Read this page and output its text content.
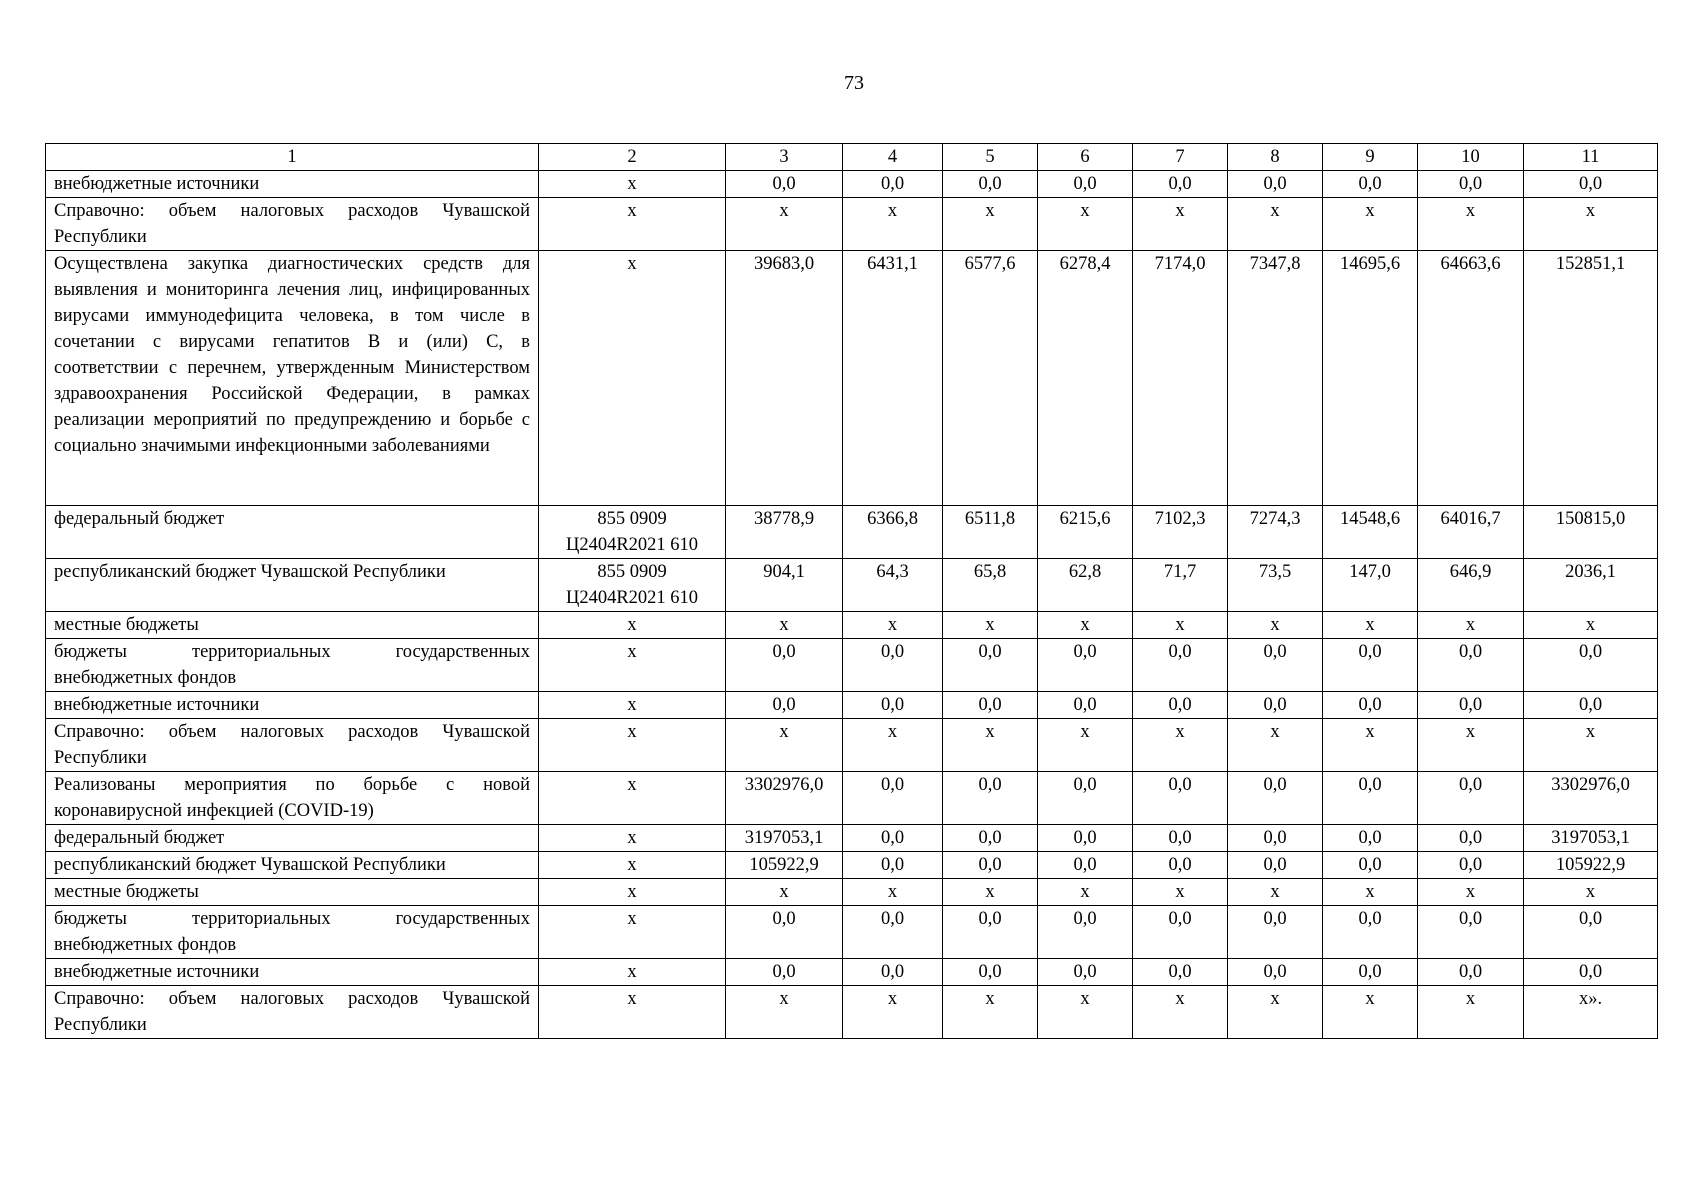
73
1	2	3	4	5	6	7	8	9	10	11
внебюджетные источники	x	0,0	0,0	0,0	0,0	0,0	0,0	0,0	0,0	0,0
Справочно: объем налоговых расходов Чувашской Республики	x	x	x	x	x	x	x	x	x	x
Осуществлена закупка диагностических средств для выявления и мониторинга лечения лиц, инфицированных вирусами иммунодефицита человека, в том числе в сочетании с вирусами гепатитов B и (или) C, в соответствии с перечнем, утвержденным Министерством здравоохранения Российской Федерации, в рамках реализации мероприятий по предупреждению и борьбе с социально значимыми инфекционными заболеваниями	x	39683,0	6431,1	6577,6	6278,4	7174,0	7347,8	14695,6	64663,6	152851,1
федеральный бюджет	855 0909 Ц2404R2021 610	38778,9	6366,8	6511,8	6215,6	7102,3	7274,3	14548,6	64016,7	150815,0
республиканский бюджет Чувашской Республики	855 0909 Ц2404R2021 610	904,1	64,3	65,8	62,8	71,7	73,5	147,0	646,9	2036,1
местные бюджеты	x	x	x	x	x	x	x	x	x	x
бюджеты территориальных государственных внебюджетных фондов	x	0,0	0,0	0,0	0,0	0,0	0,0	0,0	0,0	0,0
внебюджетные источники	x	0,0	0,0	0,0	0,0	0,0	0,0	0,0	0,0	0,0
Справочно: объем налоговых расходов Чувашской Республики	x	x	x	x	x	x	x	x	x	x
Реализованы мероприятия по борьбе с новой коронавирусной инфекцией (COVID-19)	x	3302976,0	0,0	0,0	0,0	0,0	0,0	0,0	0,0	3302976,0
федеральный бюджет	x	3197053,1	0,0	0,0	0,0	0,0	0,0	0,0	0,0	3197053,1
республиканский бюджет Чувашской Республики	x	105922,9	0,0	0,0	0,0	0,0	0,0	0,0	0,0	105922,9
местные бюджеты	x	x	x	x	x	x	x	x	x	x
бюджеты территориальных государственных внебюджетных фондов	x	0,0	0,0	0,0	0,0	0,0	0,0	0,0	0,0	0,0
внебюджетные источники	x	0,0	0,0	0,0	0,0	0,0	0,0	0,0	0,0	0,0
Справочно: объем налоговых расходов Чувашской Республики	x	x	x	x	x	x	x	x	x	x».
